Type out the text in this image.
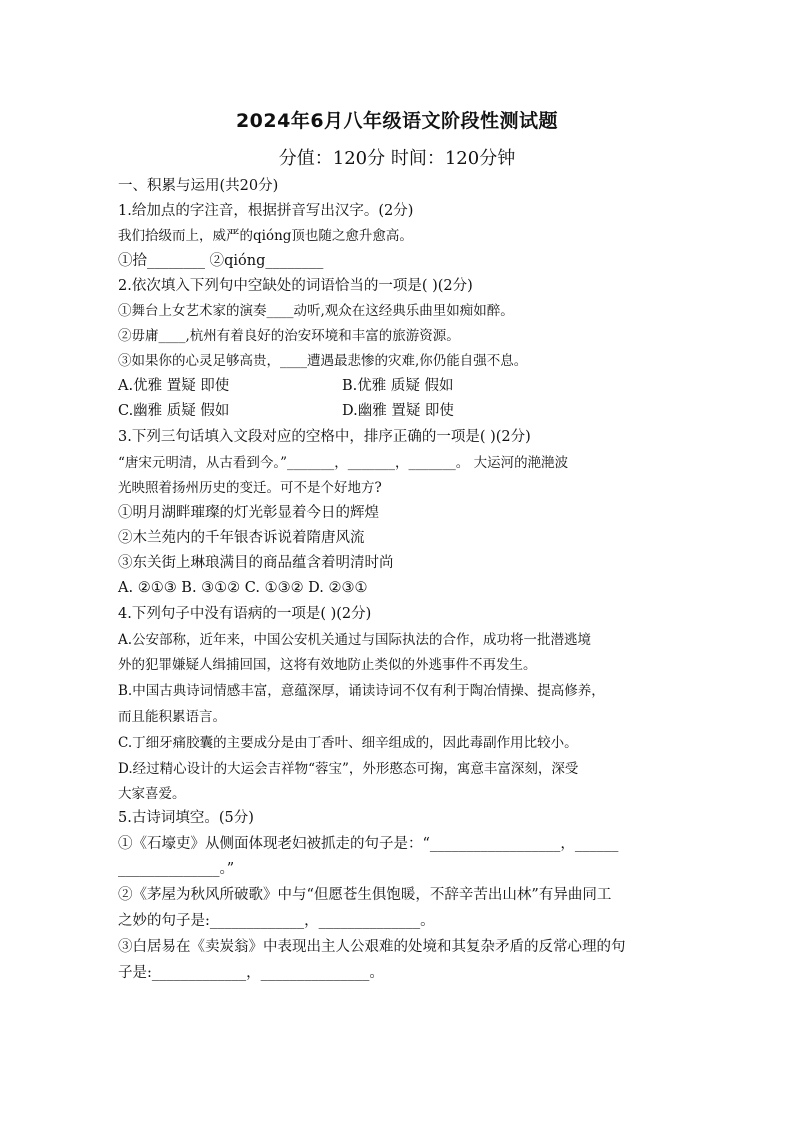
2024年6月八年级语文阶段性测试题
分值：120分 时间：120分钟
一、积累与运用(共20分)
1.给加点的字注音，根据拼音写出汉字。(2分)
我们拾级而上，威严的qióng顶也随之愈升愈高。
①拾________ ②qióng________
2.依次填入下列句中空缺处的词语恰当的一项是( )(2分)
①舞台上女艺术家的演奏____动听,观众在这经典乐曲里如痴如醉。
②毋庸____,杭州有着良好的治安环境和丰富的旅游资源。
③如果你的心灵足够高贵，____遭遇最悲惨的灾难,你仍能自强不息。
A.优雅 置疑 即使	B.优雅 质疑 假如
C.幽雅 质疑 假如	D.幽雅 置疑 即使
3.下列三句话填入文段对应的空格中，排序正确的一项是( )(2分)
“唐宋元明清，从古看到今。”_______，_______，_______。 大运河的滟滟波
光映照着扬州历史的变迁。可不是个好地方?
①明月湖畔璀璨的灯光彰显着今日的辉煌
②木兰苑内的千年银杏诉说着隋唐风流
③东关街上琳琅满目的商品蕴含着明清时尚
A. ②①③ B. ③①② C. ①③② D. ②③①
4.下列句子中没有语病的一项是( )(2分)
A.公安部称，近年来，中国公安机关通过与国际执法的合作，成功将一批潜逃境
外的犯罪嫌疑人缉捕回国，这将有效地防止类似的外逃事件不再发生。
B.中国古典诗词情感丰富，意蕴深厚，诵读诗词不仅有利于陶冶情操、提高修养，
而且能积累语言。
C.丁细牙痛胶囊的主要成分是由丁香叶、细辛组成的，因此毒副作用比较小。
D.经过精心设计的大运会吉祥物“蓉宝”，外形憨态可掬，寓意丰富深刻，深受
大家喜爱。
5.古诗词填空。(5分)
①《石壕吏》从侧面体现老妇被抓走的句子是：“__________________，______
______________。”
②《茅屋为秋风所破歌》中与“但愿苍生俱饱暖，不辞辛苦出山林”有异曲同工
之妙的句子是:_____________，______________。
③白居易在《卖炭翁》中表现出主人公艰难的处境和其复杂矛盾的反常心理的句
子是:_____________，_______________。
